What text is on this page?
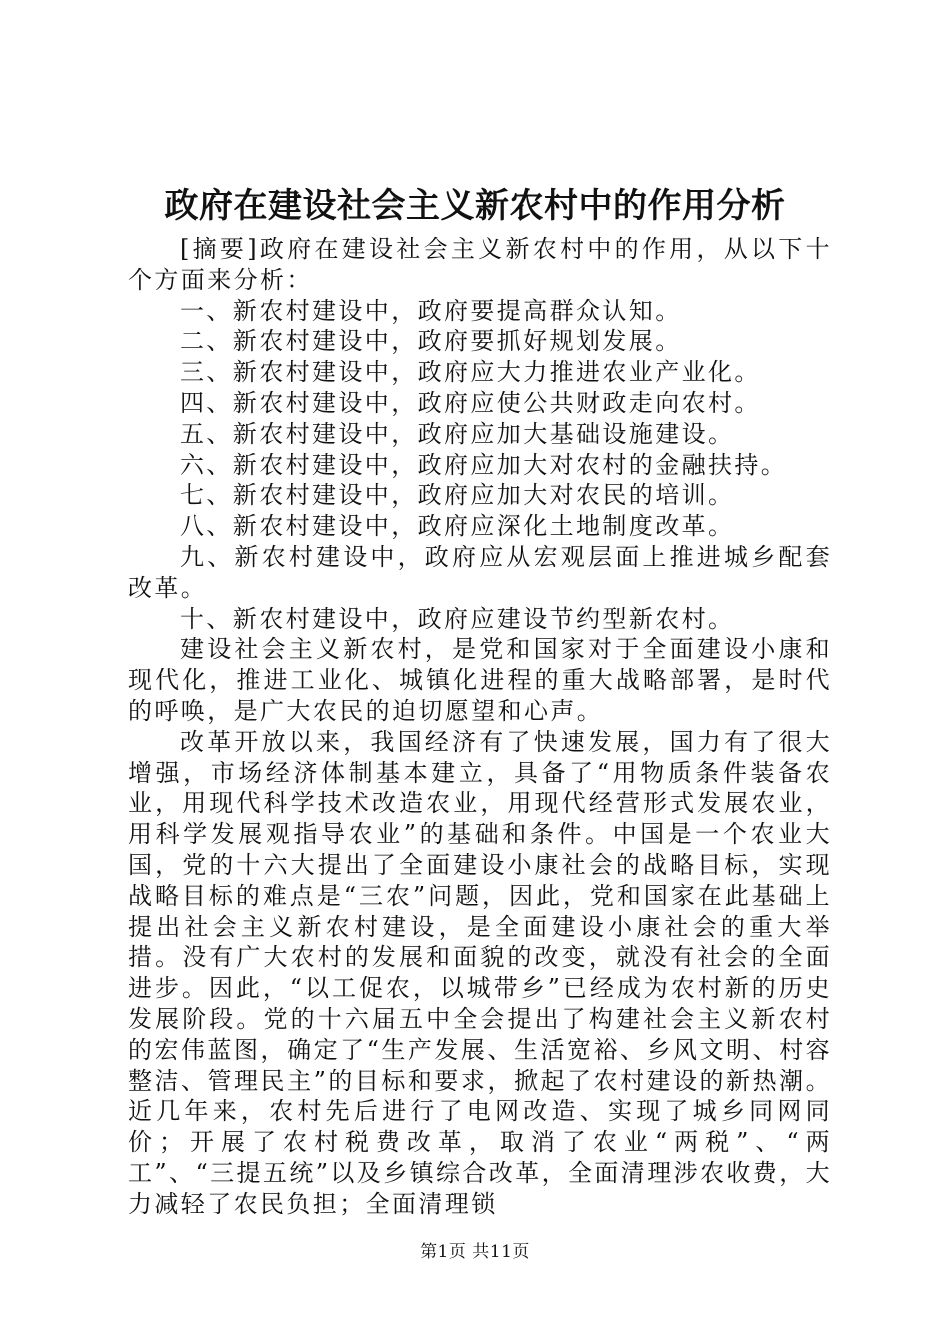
政府在建设社会主义新农村中的作用分析

[摘要]政府在建设社会主义新农村中的作用，从以下十个方面来分析：

一、新农村建设中，政府要提高群众认知。

二、新农村建设中，政府要抓好规划发展。

三、新农村建设中，政府应大力推进农业产业化。

四、新农村建设中，政府应使公共财政走向农村。

五、新农村建设中，政府应加大基础设施建设。

六、新农村建设中，政府应加大对农村的金融扶持。

七、新农村建设中，政府应加大对农民的培训。

八、新农村建设中，政府应深化土地制度改革。

九、新农村建设中，政府应从宏观层面上推进城乡配套改革。

十、新农村建设中，政府应建设节约型新农村。

建设社会主义新农村，是党和国家对于全面建设小康和现代化，推进工业化、城镇化进程的重大战略部署，是时代的呼唤，是广大农民的迫切愿望和心声。

改革开放以来，我国经济有了快速发展，国力有了很大增强，市场经济体制基本建立，具备了“用物质条件装备农业，用现代科学技术改造农业，用现代经营形式发展农业，用科学发展观指导农业”的基础和条件。中国是一个农业大国，党的十六大提出了全面建设小康社会的战略目标，实现战略目标的难点是“三农”问题，因此，党和国家在此基础上提出社会主义新农村建设，是全面建设小康社会的重大举措。没有广大农村的发展和面貌的改变，就没有社会的全面进步。因此，“以工促农，以城带乡”已经成为农村新的历史发展阶段。党的十六届五中全会提出了构建社会主义新农村的宏伟蓝图，确定了“生产发展、生活宽裕、乡风文明、村容整洁、管理民主”的目标和要求，掀起了农村建设的新热潮。近几年来，农村先后进行了电网改造、实现了城乡同网同价；开展了农村税费改革，取消了农业“两税”、“两工”、“三提五统”以及乡镇综合改革，全面清理涉农收费，大力减轻了农民负担；全面清理锁

第1页 共11页
